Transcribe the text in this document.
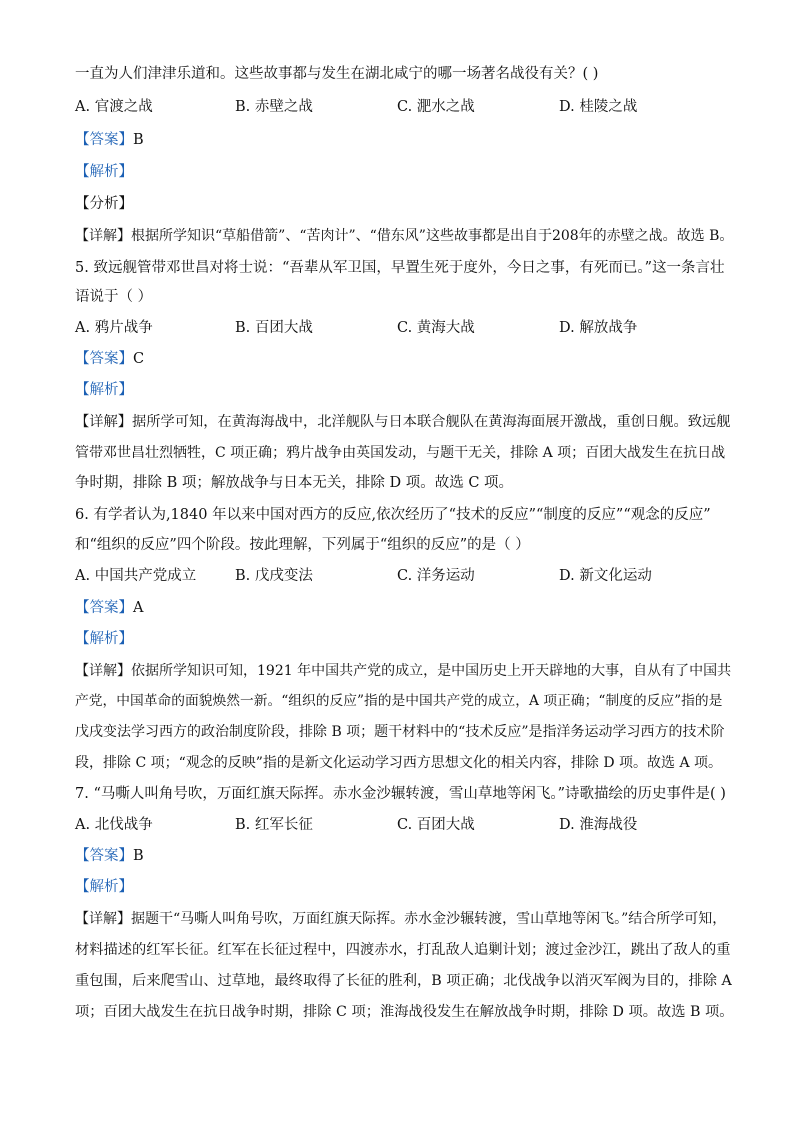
一直为人们津津乐道和。这些故事都与发生在湖北咸宁的哪一场著名战役有关？( )
A. 官渡之战	B. 赤壁之战	C. 淝水之战	D. 桂陵之战
【答案】B
【解析】
【分析】
【详解】根据所学知识“草船借箭”、“苦肉计”、“借东风”这些故事都是出自于208年的赤壁之战。故选 B。
5. 致远舰管带邓世昌对将士说：“吾辈从军卫国，早置生死于度外，今日之事，有死而已。”这一条言壮
语说于（ ）
A. 鸦片战争	B. 百团大战	C. 黄海大战	D. 解放战争
【答案】C
【解析】
【详解】据所学可知，在黄海海战中，北洋舰队与日本联合舰队在黄海海面展开激战，重创日舰。致远舰
管带邓世昌壮烈牺牲，C 项正确；鸦片战争由英国发动，与题干无关，排除 A 项；百团大战发生在抗日战
争时期，排除 B 项；解放战争与日本无关，排除 D 项。故选 C 项。
6. 有学者认为,1840 年以来中国对西方的反应,依次经历了“技术的反应”“制度的反应”“观念的反应”
和“组织的反应”四个阶段。按此理解，下列属于“组织的反应”的是（ ）
A. 中国共产党成立	B. 戊戌变法	C. 洋务运动	D. 新文化运动
【答案】A
【解析】
【详解】依据所学知识可知，1921 年中国共产党的成立，是中国历史上开天辟地的大事，自从有了中国共
产党，中国革命的面貌焕然一新。“组织的反应”指的是中国共产党的成立，A 项正确；“制度的反应”指的是
戊戌变法学习西方的政治制度阶段，排除 B 项；题干材料中的“技术反应”是指洋务运动学习西方的技术阶
段，排除 C 项；“观念的反映”指的是新文化运动学习西方思想文化的相关内容，排除 D 项。故选 A 项。
7. “马嘶人叫角号吹，万面红旗天际挥。赤水金沙辗转渡，雪山草地等闲飞。”诗歌描绘的历史事件是( )
A. 北伐战争	B. 红军长征	C. 百团大战	D. 淮海战役
【答案】B
【解析】
【详解】据题干“马嘶人叫角号吹，万面红旗天际挥。赤水金沙辗转渡，雪山草地等闲飞。”结合所学可知，
材料描述的红军长征。红军在长征过程中，四渡赤水，打乱敌人追剿计划；渡过金沙江，跳出了敌人的重
重包围，后来爬雪山、过草地，最终取得了长征的胜利，B 项正确；北伐战争以消灭军阀为目的，排除 A
项；百团大战发生在抗日战争时期，排除 C 项；淮海战役发生在解放战争时期，排除 D 项。故选 B 项。
